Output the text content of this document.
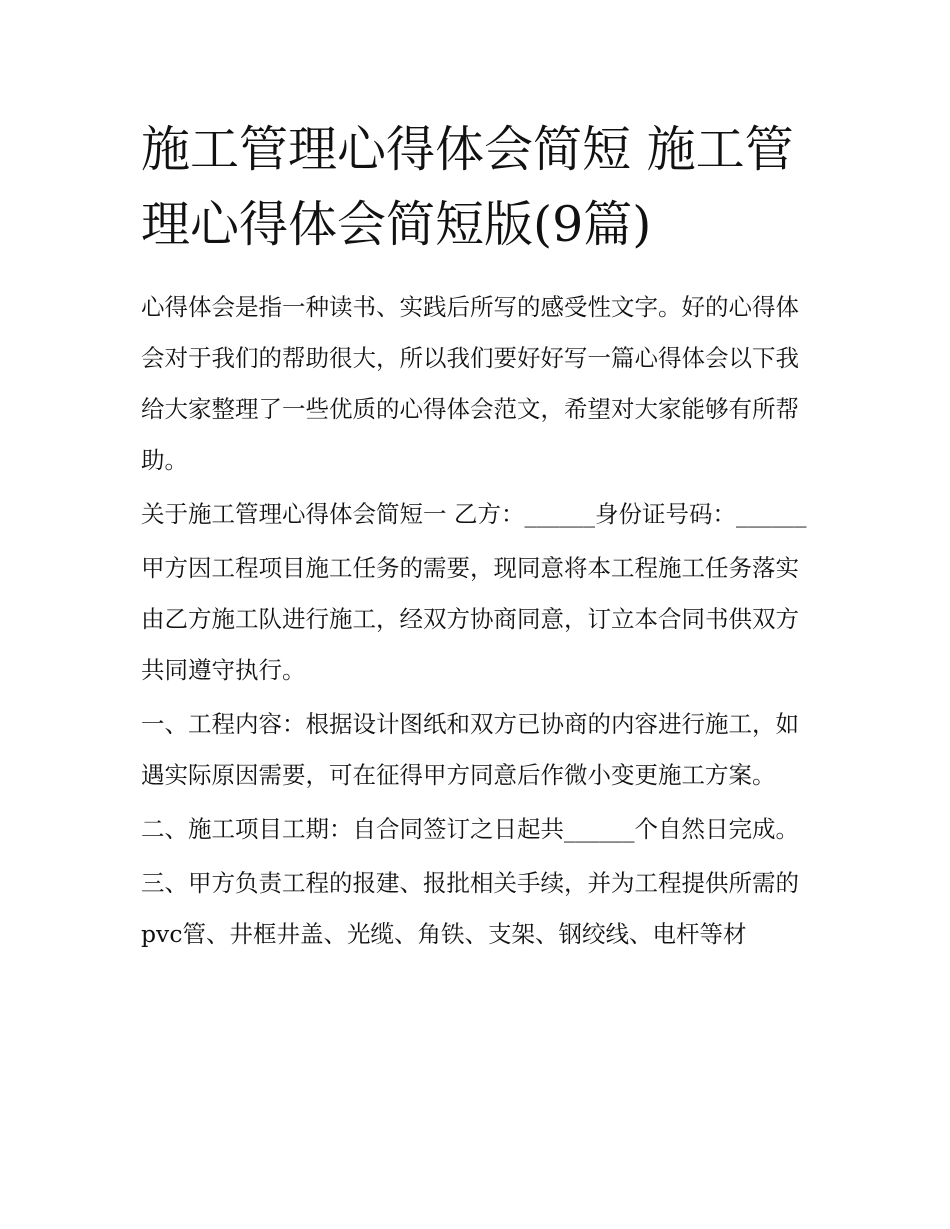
施工管理心得体会简短 施工管理心得体会简短版(9篇)

心得体会是指一种读书、实践后所写的感受性文字。好的心得体会对于我们的帮助很大，所以我们要好好写一篇心得体会以下我给大家整理了一些优质的心得体会范文，希望对大家能够有所帮助。

关于施工管理心得体会简短一 乙方：______身份证号码：______

甲方因工程项目施工任务的需要，现同意将本工程施工任务落实由乙方施工队进行施工，经双方协商同意，订立本合同书供双方共同遵守执行。

一、工程内容：根据设计图纸和双方已协商的内容进行施工，如遇实际原因需要，可在征得甲方同意后作微小变更施工方案。

二、施工项目工期：自合同签订之日起共______个自然日完成。

三、甲方负责工程的报建、报批相关手续，并为工程提供所需的pvc管、井框井盖、光缆、角铁、支架、钢绞线、电杆等材
